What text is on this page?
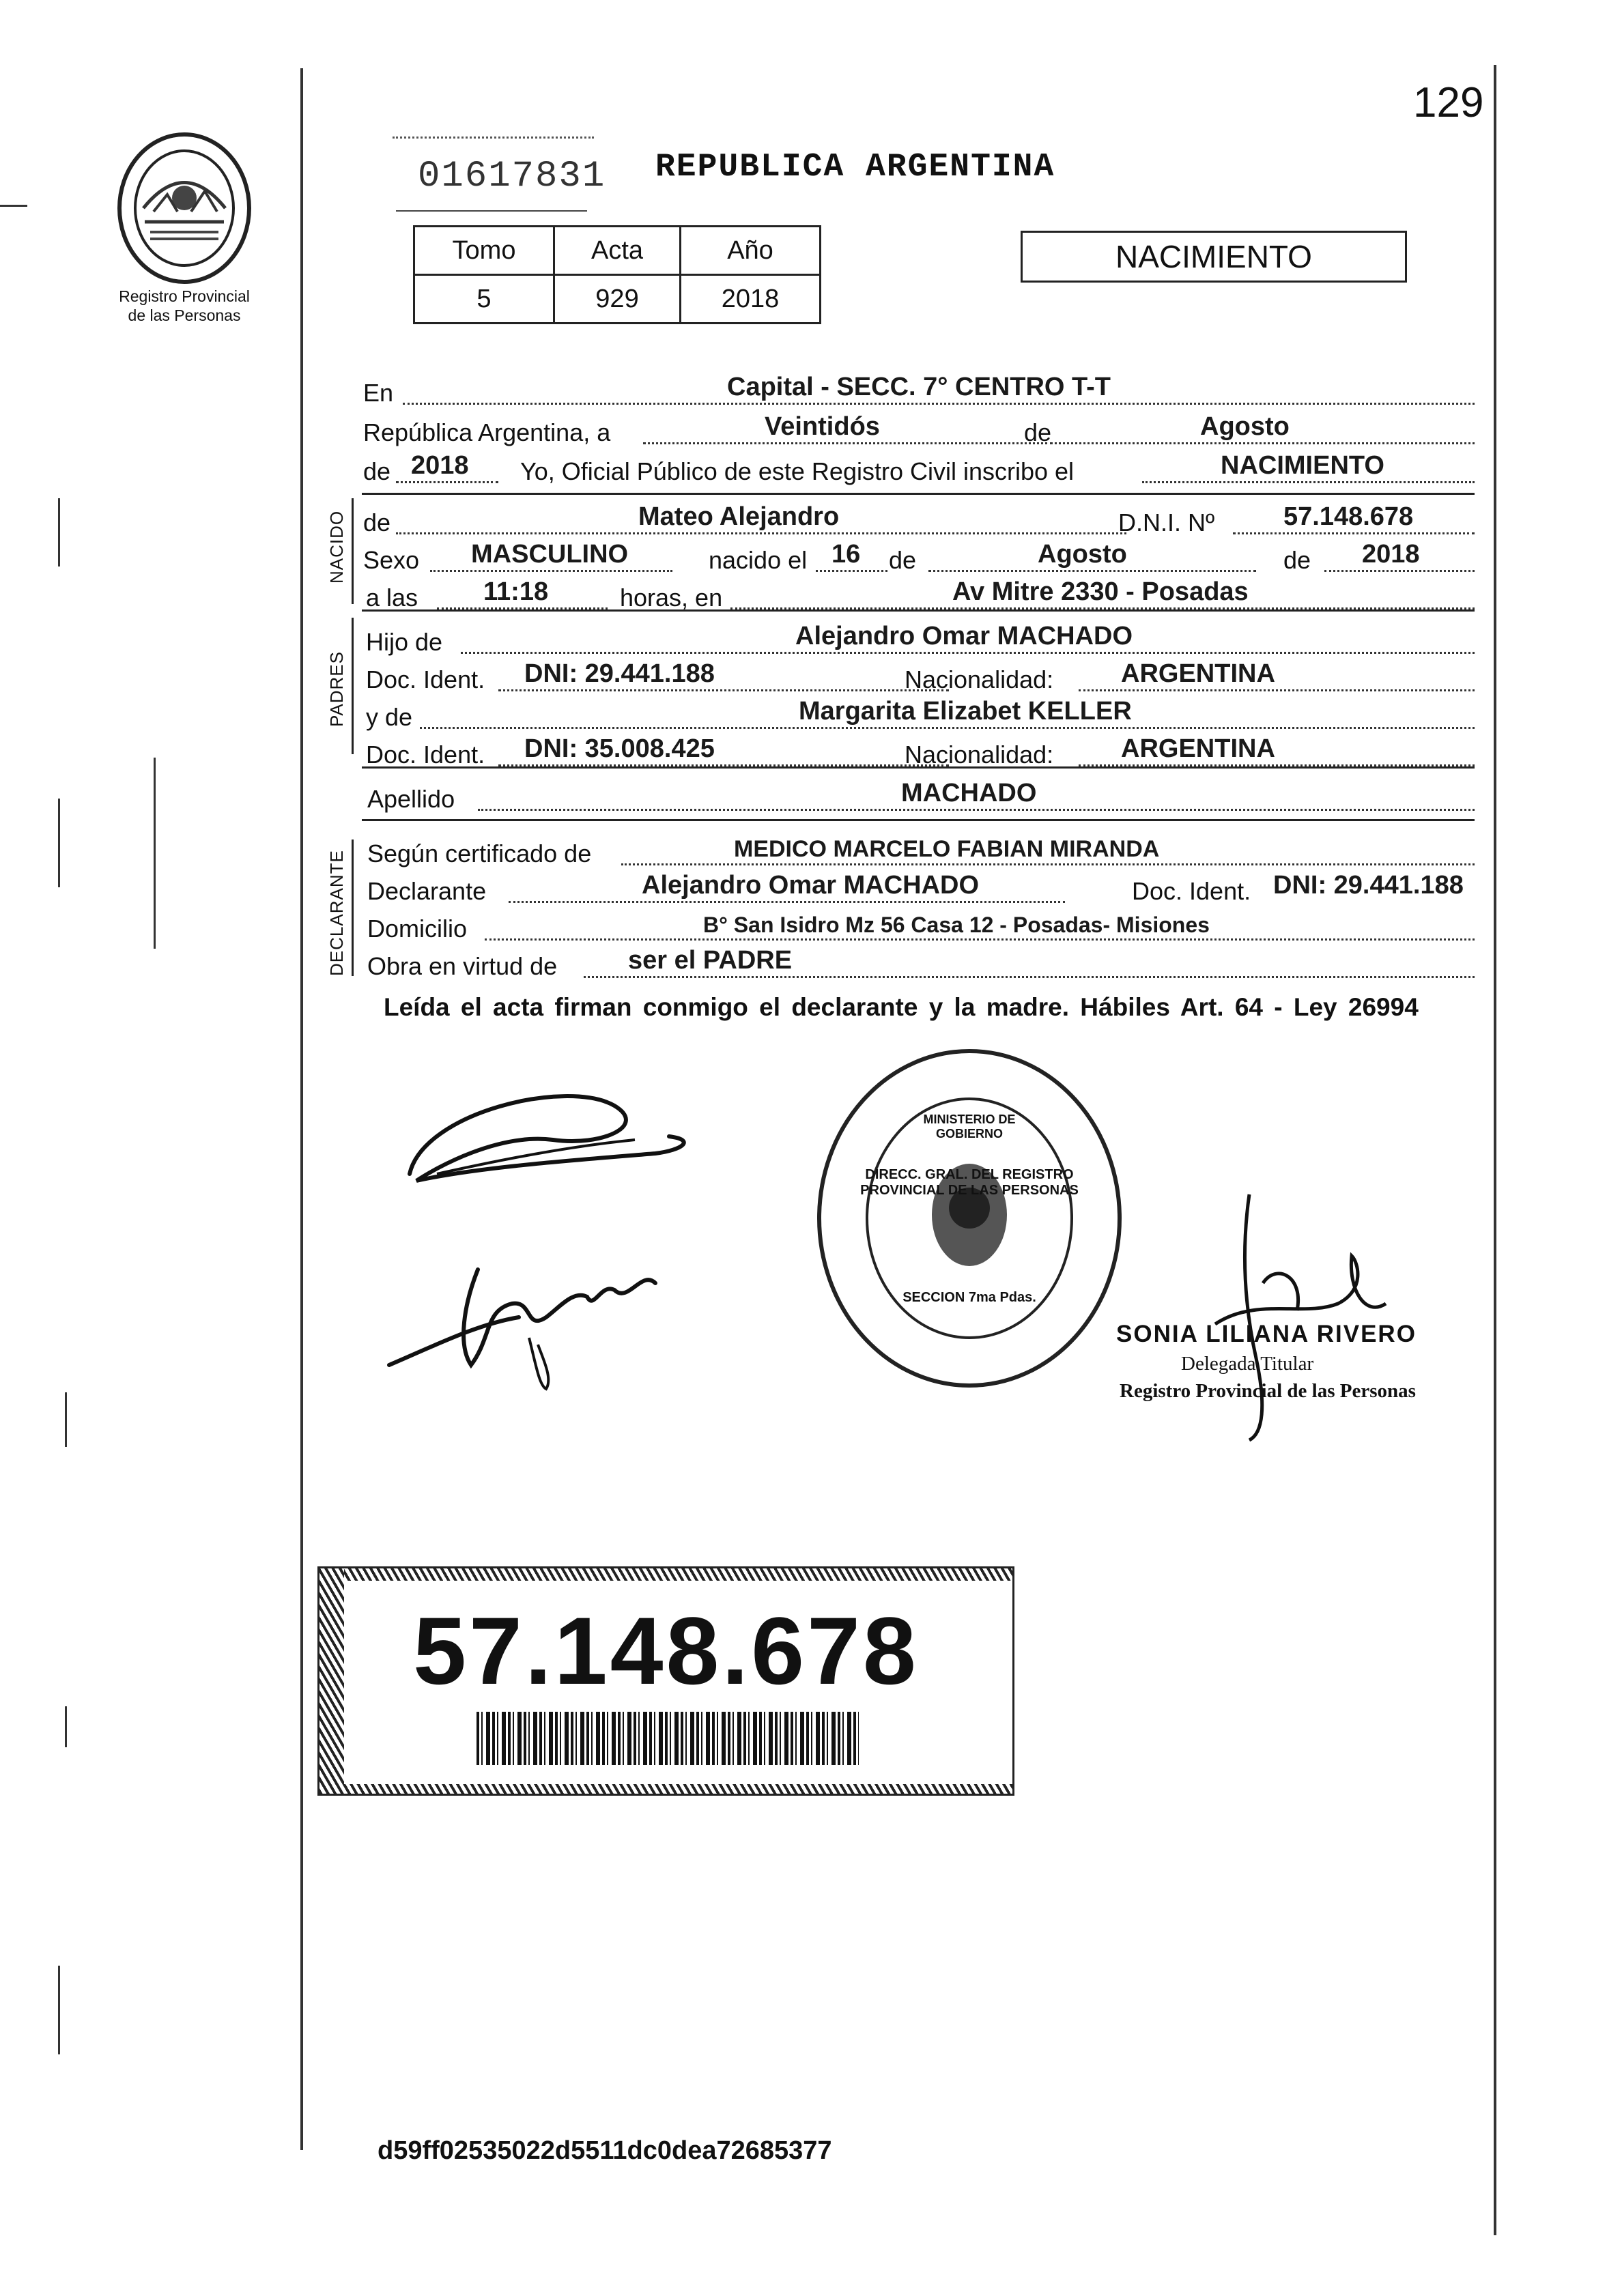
129
Registro Provincial
de las Personas
01617831 REPUBLICA ARGENTINA
Tomo	Acta	Año
5	929	2018
NACIMIENTO
NACIDO
PADRES
DECLARANTE
En	Capital - SECC. 7° CENTRO T-T
República Argentina, a	Veintidós	de	Agosto
de 2018 Yo, Oficial Público de este Registro Civil inscribo el	NACIMIENTO
de	Mateo Alejandro	D.N.I. Nº	57.148.678
Sexo MASCULINO	nacido el 16 de	Agosto	de 2018
a las	11:18	horas, en	Av Mitre 2330 - Posadas
Hijo de	Alejandro Omar MACHADO
Doc. Ident. DNI: 29.441.188	Nacionalidad:	ARGENTINA
y de	Margarita Elizabet KELLER
Doc. Ident. DNI: 35.008.425	Nacionalidad:	ARGENTINA
Apellido	MACHADO
Según certificado de	MEDICO MARCELO FABIAN MIRANDA
Declarante	Alejandro Omar MACHADO	Doc. Ident. DNI: 29.441.188
Domicilio	B° San Isidro Mz 56 Casa 12 - Posadas- Misiones
Obra en virtud de	ser el PADRE
Leída el acta firman conmigo el declarante y la madre. Hábiles Art. 64 - Ley 26994
DIRECC. GRAL. DEL REGISTRO PROVINCIAL DE LAS PERSONAS
MINISTERIO DE GOBIERNO
SECCION 7ma Pdas.
SONIA LILIANA RIVERO
Delegada Titular
Registro Provincial de las Personas
57.148.678
d59ff02535022d5511dc0dea72685377
